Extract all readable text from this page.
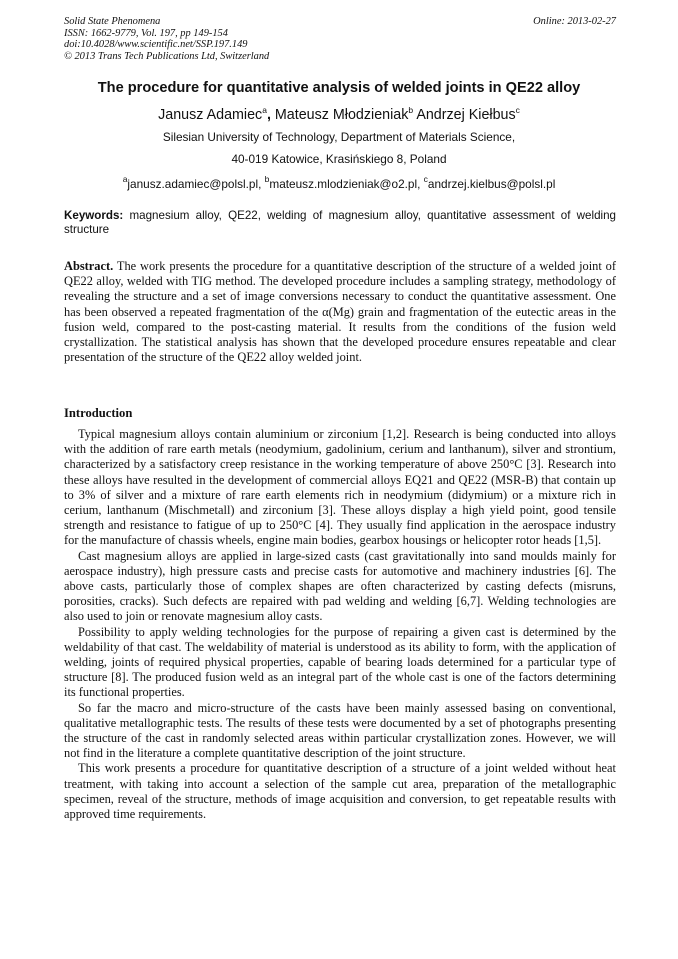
Solid State Phenomena
ISSN: 1662-9779, Vol. 197, pp 149-154
doi:10.4028/www.scientific.net/SSP.197.149
© 2013 Trans Tech Publications Ltd, Switzerland
Online: 2013-02-27
The procedure for quantitative analysis of welded joints in QE22 alloy
Janusz Adamiec$^a$, Mateusz Młodzieniak$^b$ Andrzej Kiełbus$^c$
Silesian University of Technology, Department of Materials Science,
40-019 Katowice, Krasińskiego 8, Poland
$^a$janusz.adamiec@polsl.pl, $^b$mateusz.mlodzieniak@o2.pl, $^c$andrzej.kielbus@polsl.pl
Keywords: magnesium alloy, QE22, welding of magnesium alloy, quantitative assessment of welding structure
Abstract. The work presents the procedure for a quantitative description of the structure of a welded joint of QE22 alloy, welded with TIG method. The developed procedure includes a sampling strategy, methodology of revealing the structure and a set of image conversions necessary to conduct the quantitative assessment. One has been observed a repeated fragmentation of the α(Mg) grain and fragmentation of the eutectic areas in the fusion weld, compared to the post-casting material. It results from the conditions of the fusion weld crystallization. The statistical analysis has shown that the developed procedure ensures repeatable and clear presentation of the structure of the QE22 alloy welded joint.
Introduction

Typical magnesium alloys contain aluminium or zirconium [1,2]. Research is being conducted into alloys with the addition of rare earth metals (neodymium, gadolinium, cerium and lanthanum), silver and strontium, characterized by a satisfactory creep resistance in the working temperature of above 250°C [3]. Research into these alloys have resulted in the development of commercial alloys EQ21 and QE22 (MSR-B) that contain up to 3% of silver and a mixture of rare earth elements rich in neodymium (didymium) or a mixture rich in cerium, lanthanum (Mischmetall) and zirconium [3]. These alloys display a high yield point, good tensile strength and resistance to fatigue of up to 250°C [4]. They usually find application in the aerospace industry for the manufacture of chassis wheels, engine main bodies, gearbox housings or helicopter rotor heads [1,5].

Cast magnesium alloys are applied in large-sized casts (cast gravitationally into sand moulds mainly for aerospace industry), high pressure casts and precise casts for automotive and machinery industries [6]. The above casts, particularly those of complex shapes are often characterized by casting defects (misruns, porosities, cracks). Such defects are repaired with pad welding and welding [6,7]. Welding technologies are also used to join or renovate magnesium alloy casts.

Possibility to apply welding technologies for the purpose of repairing a given cast is determined by the weldability of that cast. The weldability of material is understood as its ability to form, with the application of welding, joints of required physical properties, capable of bearing loads determined for a particular type of structure [8]. The produced fusion weld as an integral part of the whole cast is one of the factors determining its functional properties.

So far the macro and micro-structure of the casts have been mainly assessed basing on conventional, qualitative metallographic tests. The results of these tests were documented by a set of photographs presenting the structure of the cast in randomly selected areas within particular crystallization zones. However, we will not find in the literature a complete quantitative description of the joint structure.

This work presents a procedure for quantitative description of a structure of a joint welded without heat treatment, with taking into account a selection of the sample cut area, preparation of the metallographic specimen, reveal of the structure, methods of image acquisition and conversion, to get repeatable results with approved time requirements.
